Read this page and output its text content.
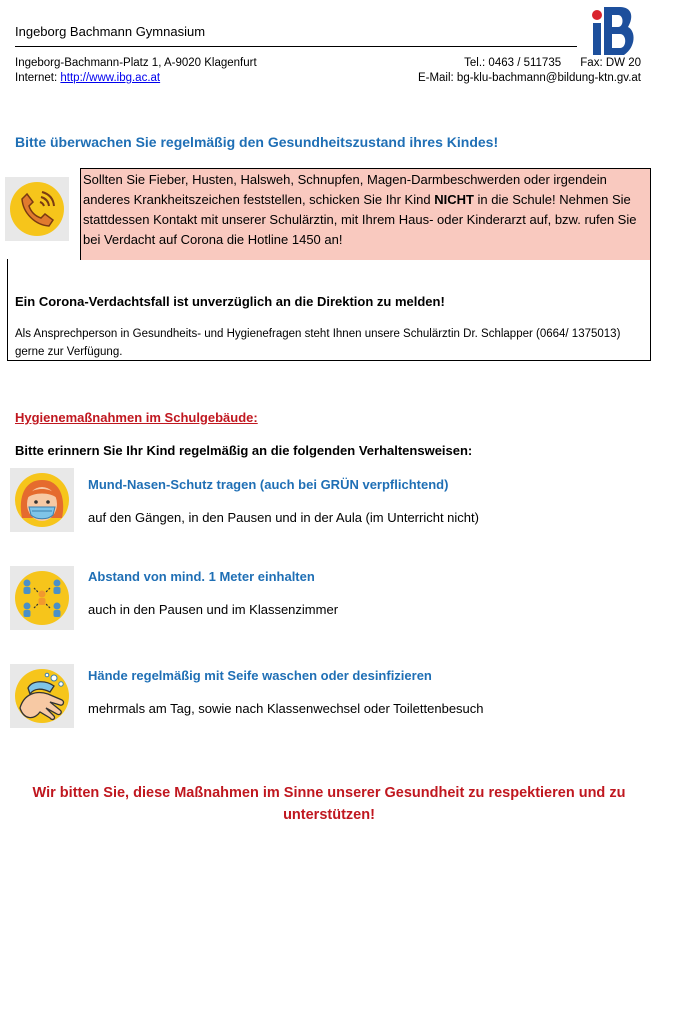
Ingeborg Bachmann Gymnasium
Ingeborg-Bachmann-Platz 1, A-9020 Klagenfurt
Internet: http://www.ibg.ac.at
Tel.: 0463 / 511735      Fax: DW 20
E-Mail: bg-klu-bachmann@bildung-ktn.gv.at
Bitte überwachen Sie regelmäßig den Gesundheitszustand ihres Kindes!
Sollten Sie Fieber, Husten, Halsweh, Schnupfen, Magen-Darmbeschwerden oder irgendein anderes Krankheitszeichen feststellen, schicken Sie Ihr Kind NICHT in die Schule! Nehmen Sie stattdessen Kontakt mit unserer Schulärztin, mit Ihrem Haus- oder Kinderarzt auf, bzw. rufen Sie bei Verdacht auf Corona die Hotline 1450 an!
Ein Corona-Verdachtsfall ist unverzüglich an die Direktion zu melden!
Als Ansprechperson in Gesundheits- und Hygienefragen steht Ihnen unsere Schulärztin Dr. Schlapper (0664/ 1375013) gerne zur Verfügung.
Hygienemaßnahmen im Schulgebäude:
Bitte erinnern Sie Ihr Kind regelmäßig an die folgenden Verhaltensweisen:
Mund-Nasen-Schutz tragen (auch bei GRÜN verpflichtend)
auf den Gängen, in den Pausen und in der Aula (im Unterricht nicht)
Abstand von mind. 1 Meter einhalten
auch in den Pausen und im Klassenzimmer
Hände regelmäßig mit Seife waschen oder desinfizieren
mehrmals am Tag, sowie nach Klassenwechsel oder Toilettenbesuch
Wir bitten Sie, diese Maßnahmen im Sinne unserer Gesundheit zu respektieren und zu unterstützen!
